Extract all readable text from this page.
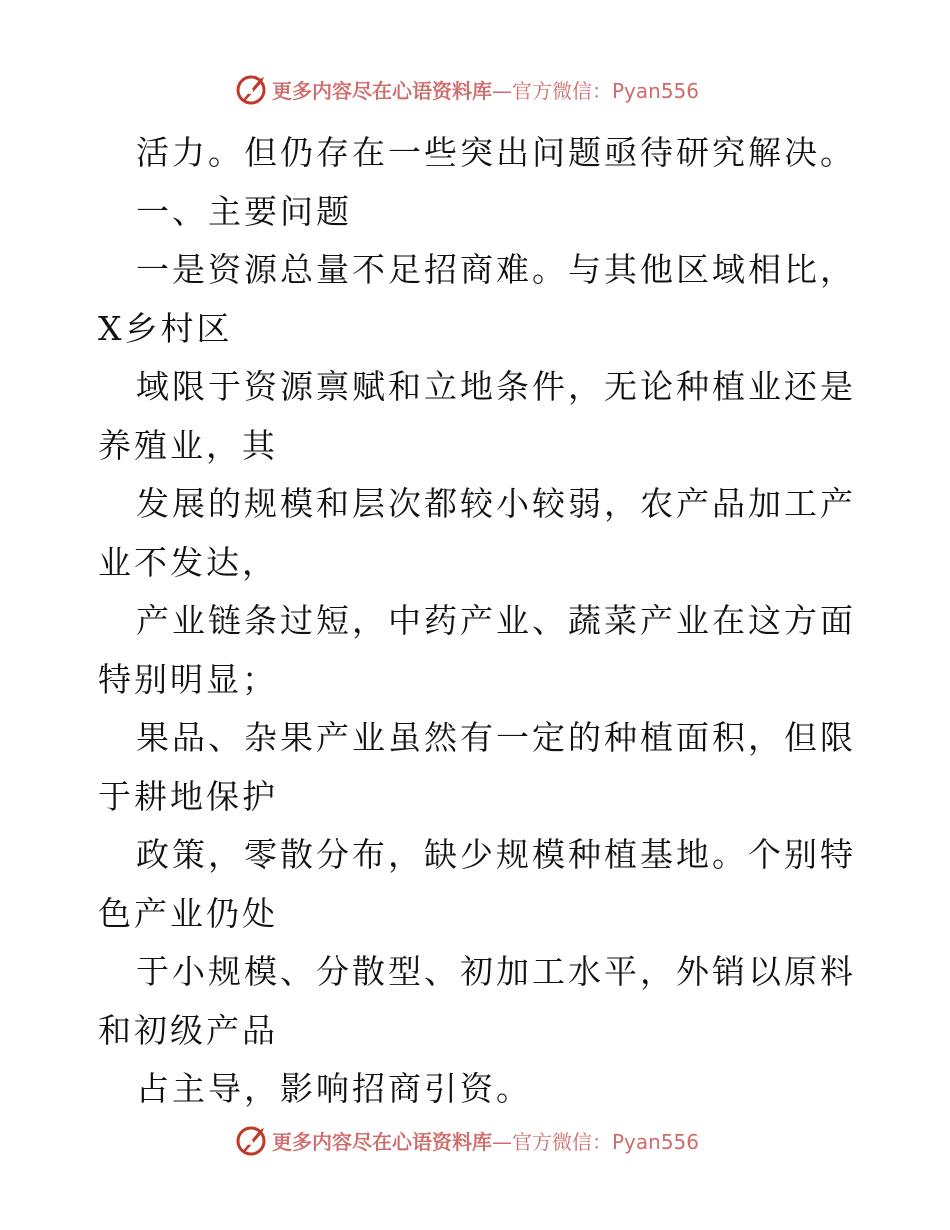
更多内容尽在心语资料库 —官方微信：Pyan556

活力。但仍存在一些突出问题亟待研究解决。

一、主要问题

一是资源总量不足招商难。与其他区域相比，X乡村区

域限于资源禀赋和立地条件，无论种植业还是养殖业，其

发展的规模和层次都较小较弱，农产品加工产业不发达，

产业链条过短，中药产业、蔬菜产业在这方面特别明显；

果品、杂果产业虽然有一定的种植面积，但限于耕地保护

政策，零散分布，缺少规模种植基地。个别特色产业仍处

于小规模、分散型、初加工水平，外销以原料和初级产品

占主导，影响招商引资。

更多内容尽在心语资料库 —官方微信：Pyan556
